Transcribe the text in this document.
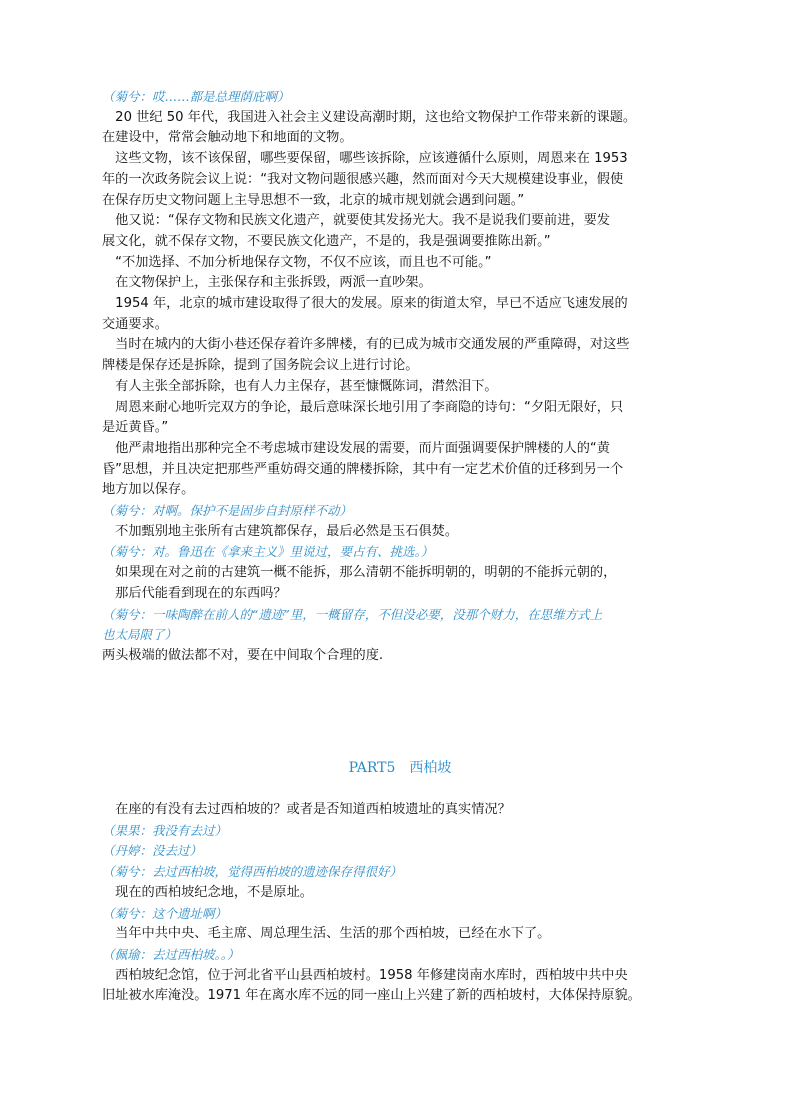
（菊兮：哎……都是总理荫庇啊）
　20 世纪 50 年代，我国进入社会主义建设高潮时期，这也给文物保护工作带来新的课题。
在建设中，常常会触动地下和地面的文物。
　这些文物，该不该保留，哪些要保留，哪些该拆除，应该遵循什么原则，周恩来在 1953
年的一次政务院会议上说：“我对文物问题很感兴趣，然而面对今天大规模建设事业，假使
在保存历史文物问题上主导思想不一致，北京的城市规划就会遇到问题。”
　他又说：“保存文物和民族文化遗产，就要使其发扬光大。我不是说我们要前进，要发
展文化，就不保存文物，不要民族文化遗产，不是的，我是强调要推陈出新。”
　“不加选择、不加分析地保存文物，不仅不应该，而且也不可能。”
　在文物保护上，主张保存和主张拆毁，两派一直吵架。
　1954 年，北京的城市建设取得了很大的发展。原来的街道太窄，早已不适应飞速发展的
交通要求。
　当时在城内的大街小巷还保存着许多牌楼，有的已成为城市交通发展的严重障碍，对这些
牌楼是保存还是拆除，提到了国务院会议上进行讨论。
　有人主张全部拆除，也有人力主保存，甚至慷慨陈词，潸然泪下。
　周恩来耐心地听完双方的争论，最后意味深长地引用了李商隐的诗句：“夕阳无限好，只
是近黄昏。”
　他严肃地指出那种完全不考虑城市建设发展的需要，而片面强调要保护牌楼的人的“黄
昏”思想，并且决定把那些严重妨碍交通的牌楼拆除，其中有一定艺术价值的迁移到另一个
地方加以保存。
（菊兮：对啊。保护不是固步自封原样不动）
　不加甄别地主张所有古建筑都保存，最后必然是玉石俱焚。
（菊兮：对。鲁迅在《拿来主义》里说过，要占有、挑选。）
　如果现在对之前的古建筑一概不能拆，那么清朝不能拆明朝的，明朝的不能拆元朝的，
　那后代能看到现在的东西吗？
（菊兮：一味陶醉在前人的“遗迹”里，一概留存，不但没必要，没那个财力，在思维方式上
也太局限了）
两头极端的做法都不对，要在中间取个合理的度.
PART5　西柏坡
　在座的有没有去过西柏坡的？或者是否知道西柏坡遗址的真实情况？
（果果：我没有去过）
（丹婷：没去过）
（菊兮：去过西柏坡，觉得西柏坡的遗迹保存得很好）
　现在的西柏坡纪念地，不是原址。
（菊兮：这个遗址啊）
　当年中共中央、毛主席、周总理生活、生活的那个西柏坡，已经在水下了。
（佩瑜：去过西柏坡。。）
　西柏坡纪念馆，位于河北省平山县西柏坡村。1958 年修建岗南水库时，西柏坡中共中央
旧址被水库淹没。1971 年在离水库不远的同一座山上兴建了新的西柏坡村，大体保持原貌。
